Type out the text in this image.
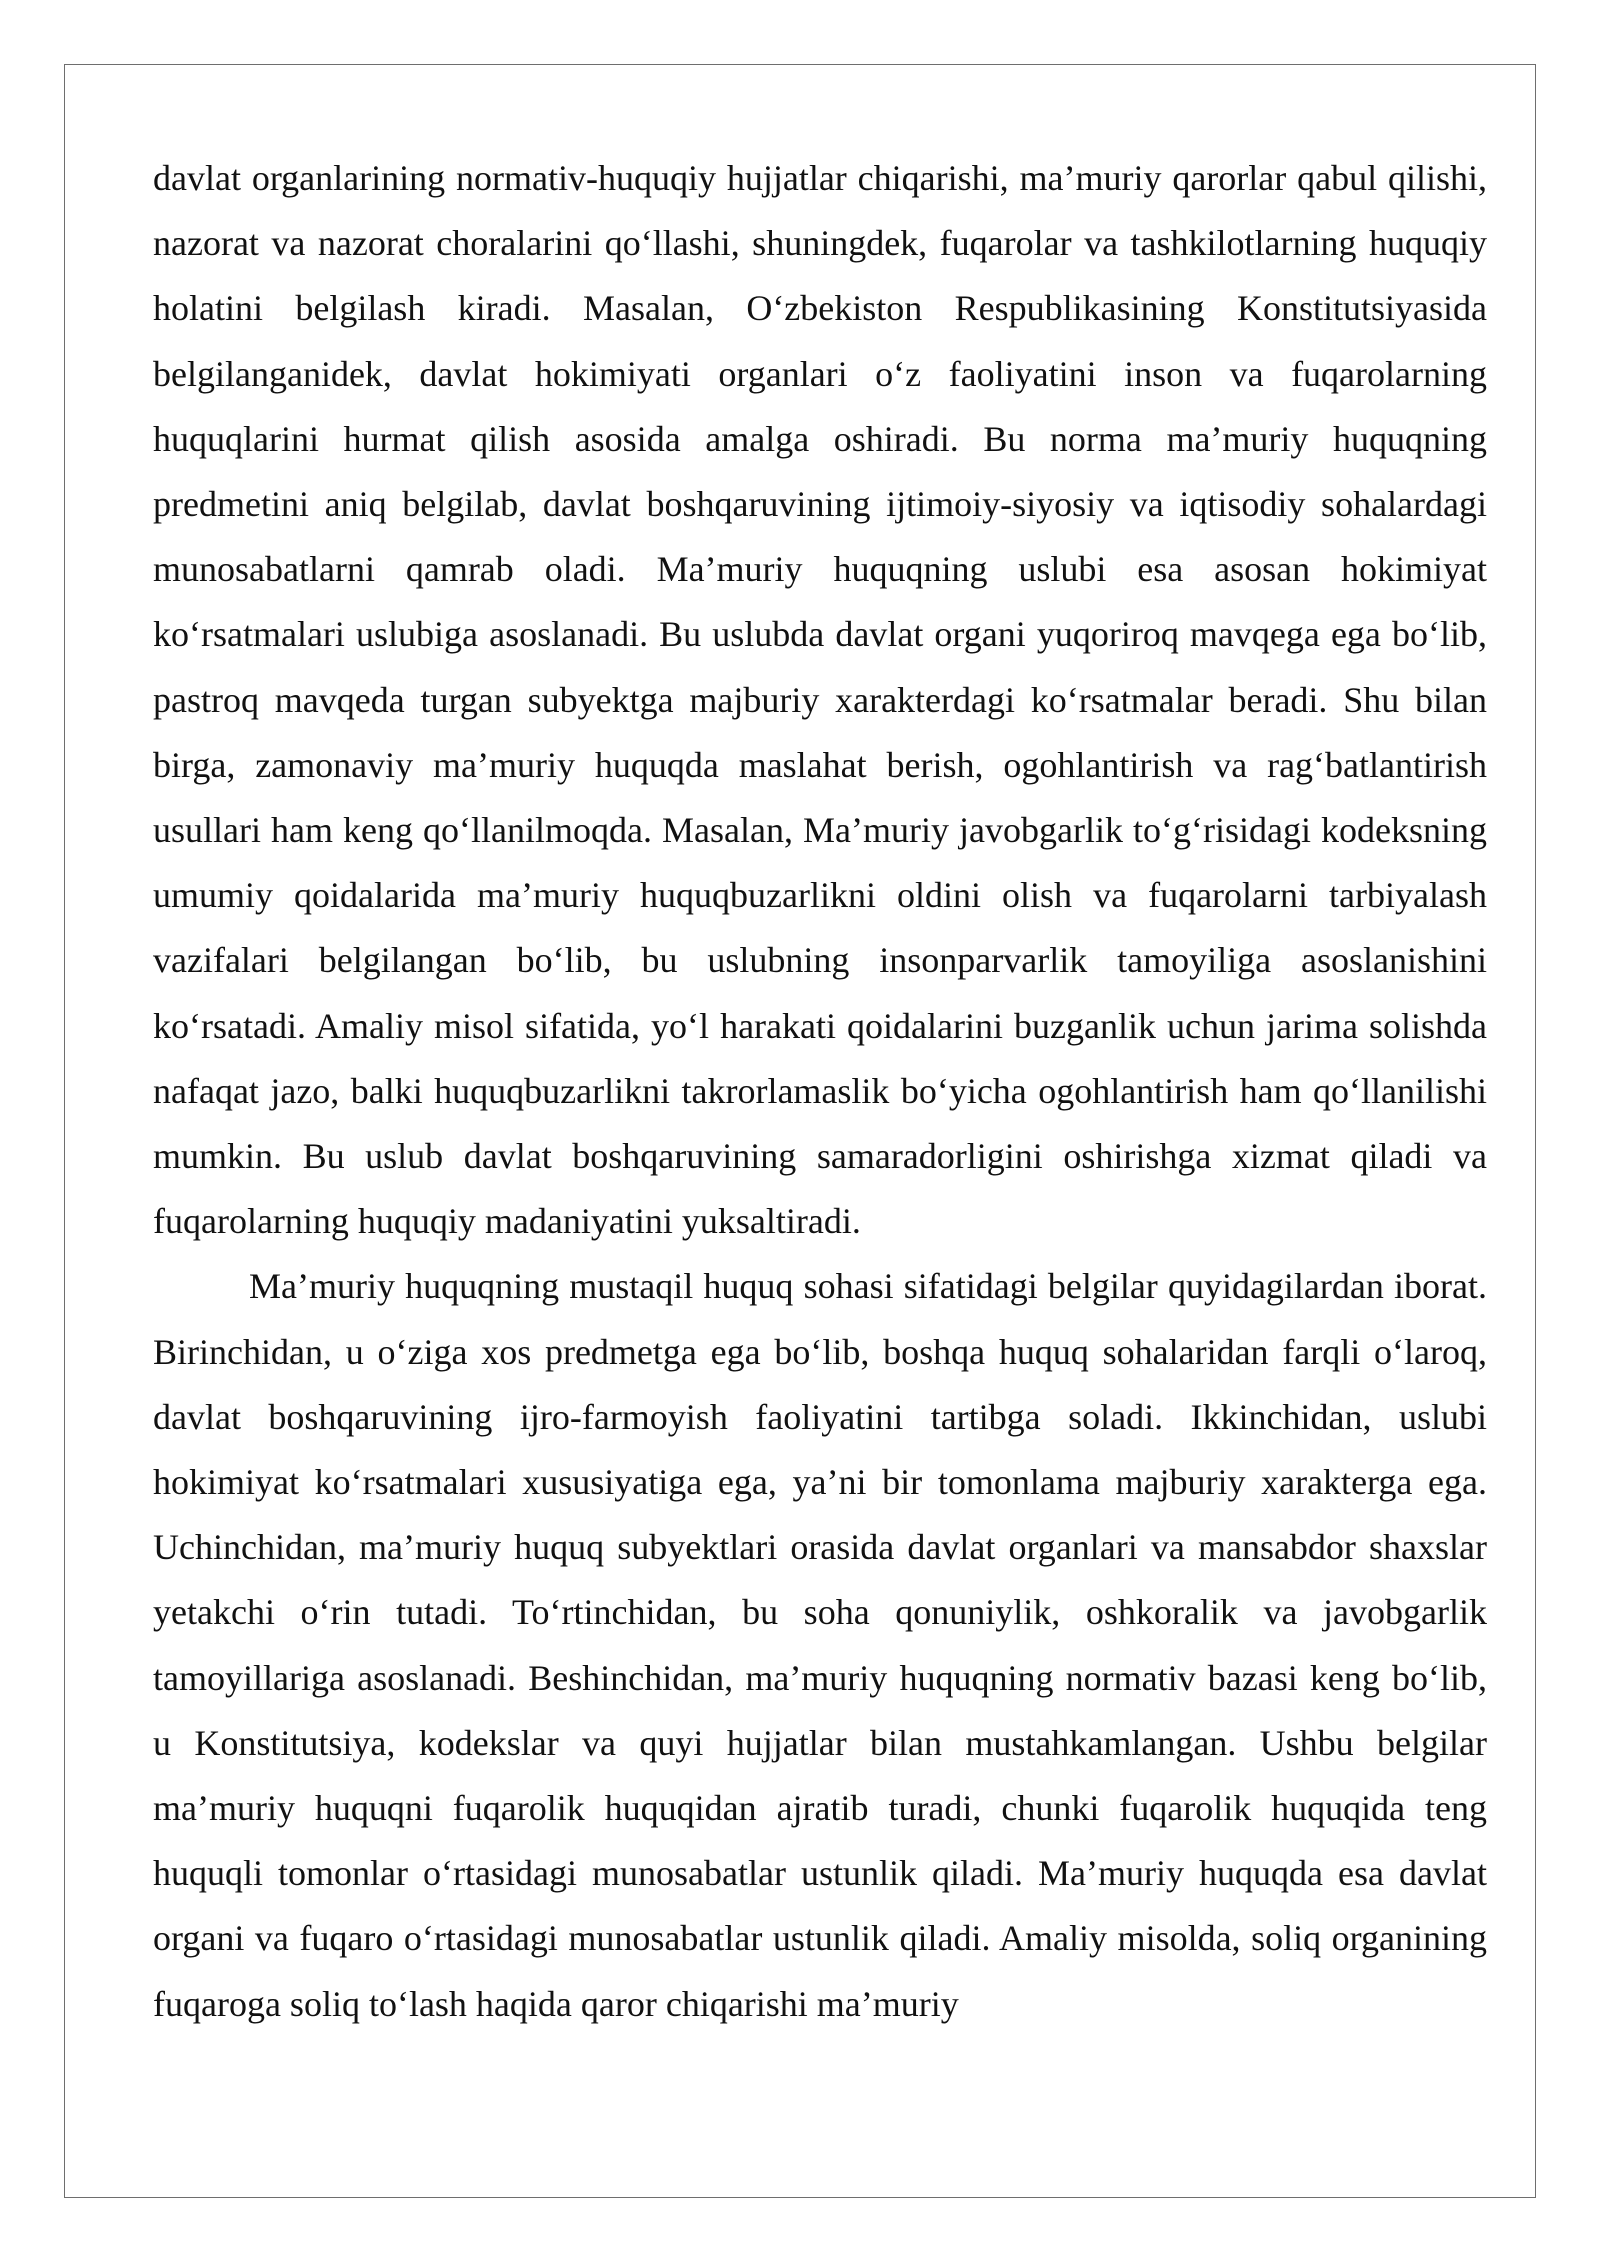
davlat organlarining normativ-huquqiy hujjatlar chiqarishi, ma’muriy qarorlar qabul qilishi, nazorat va nazorat choralarini qo‘llashi, shuningdek, fuqarolar va tashkilotlarning huquqiy holatini belgilash kiradi. Masalan, O‘zbekiston Respublikasining Konstitutsiyasida belgilanganidek, davlat hokimiyati organlari o‘z faoliyatini inson va fuqarolarning huquqlarini hurmat qilish asosida amalga oshiradi. Bu norma ma’muriy huquqning predmetini aniq belgilab, davlat boshqaruvining ijtimoiy-siyosiy va iqtisodiy sohalardagi munosabatlarni qamrab oladi. Ma’muriy huquqning uslubi esa asosan hokimiyat ko‘rsatmalari uslubiga asoslanadi. Bu uslubda davlat organi yuqoriroq mavqega ega bo‘lib, pastroq mavqeda turgan subyektga majburiy xarakterdagi ko‘rsatmalar beradi. Shu bilan birga, zamonaviy ma’muriy huquqda maslahat berish, ogohlantirish va rag‘batlantirish usullari ham keng qo‘llanilmoqda. Masalan, Ma’muriy javobgarlik to‘g‘risidagi kodeksning umumiy qoidalarida ma’muriy huquqbuzarlikni oldini olish va fuqarolarni tarbiyalash vazifalari belgilangan bo‘lib, bu uslubning insonparvarlik tamoyiliga asoslanishini ko‘rsatadi. Amaliy misol sifatida, yo‘l harakati qoidalarini buzganlik uchun jarima solishda nafaqat jazo, balki huquqbuzarlikni takrorlamaslik bo‘yicha ogohlantirish ham qo‘llanilishi mumkin. Bu uslub davlat boshqaruvining samaradorligini oshirishga xizmat qiladi va fuqarolarning huquqiy madaniyatini yuksaltiradi.

Ma’muriy huquqning mustaqil huquq sohasi sifatidagi belgilar quyidagilardan iborat. Birinchidan, u o‘ziga xos predmetga ega bo‘lib, boshqa huquq sohalaridan farqli o‘laroq, davlat boshqaruvining ijro-farmoyish faoliyatini tartibga soladi. Ikkinchidan, uslubi hokimiyat ko‘rsatmalari xususiyatiga ega, ya’ni bir tomonlama majburiy xarakterga ega. Uchinchidan, ma’muriy huquq subyektlari orasida davlat organlari va mansabdor shaxslar yetakchi o‘rin tutadi. To‘rtinchidan, bu soha qonuniylik, oshkoralik va javobgarlik tamoyillariga asoslanadi. Beshinchidan, ma’muriy huquqning normativ bazasi keng bo‘lib, u Konstitutsiya, kodekslar va quyi hujjatlar bilan mustahkamlangan. Ushbu belgilar ma’muriy huquqni fuqarolik huquqidan ajratib turadi, chunki fuqarolik huquqida teng huquqli tomonlar o‘rtasidagi munosabatlar ustunlik qiladi. Ma’muriy huquqda esa davlat organi va fuqaro o‘rtasidagi munosabatlar ustunlik qiladi. Amaliy misolda, soliq organining fuqaroga soliq to‘lash haqida qaror chiqarishi ma’muriy
